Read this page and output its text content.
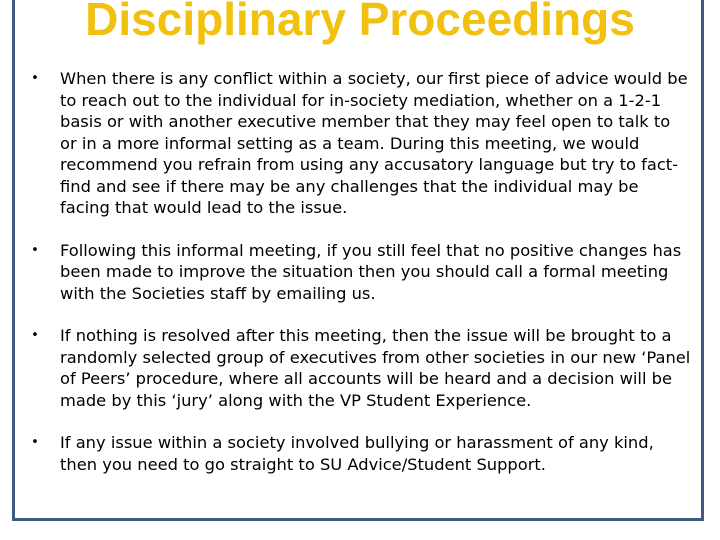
Disciplinary Proceedings
• When there is any conflict within a society, our first piece of advice would be to reach out to the individual for in-society mediation, whether on a 1-2-1 basis or with another executive member that they may feel open to talk to or in a more informal setting as a team. During this meeting, we would recommend you refrain from using any accusatory language but try to fact-find and see if there may be any challenges that the individual may be facing that would lead to the issue.
• Following this informal meeting, if you still feel that no positive changes has been made to improve the situation then you should call a formal meeting with the Societies staff by emailing us.
• If nothing is resolved after this meeting, then the issue will be brought to a randomly selected group of executives from other societies in our new ‘Panel of Peers’ procedure, where all accounts will be heard and a decision will be made by this ‘jury’ along with the VP Student Experience.
• If any issue within a society involved bullying or harassment of any kind, then you need to go straight to SU Advice/Student Support.
